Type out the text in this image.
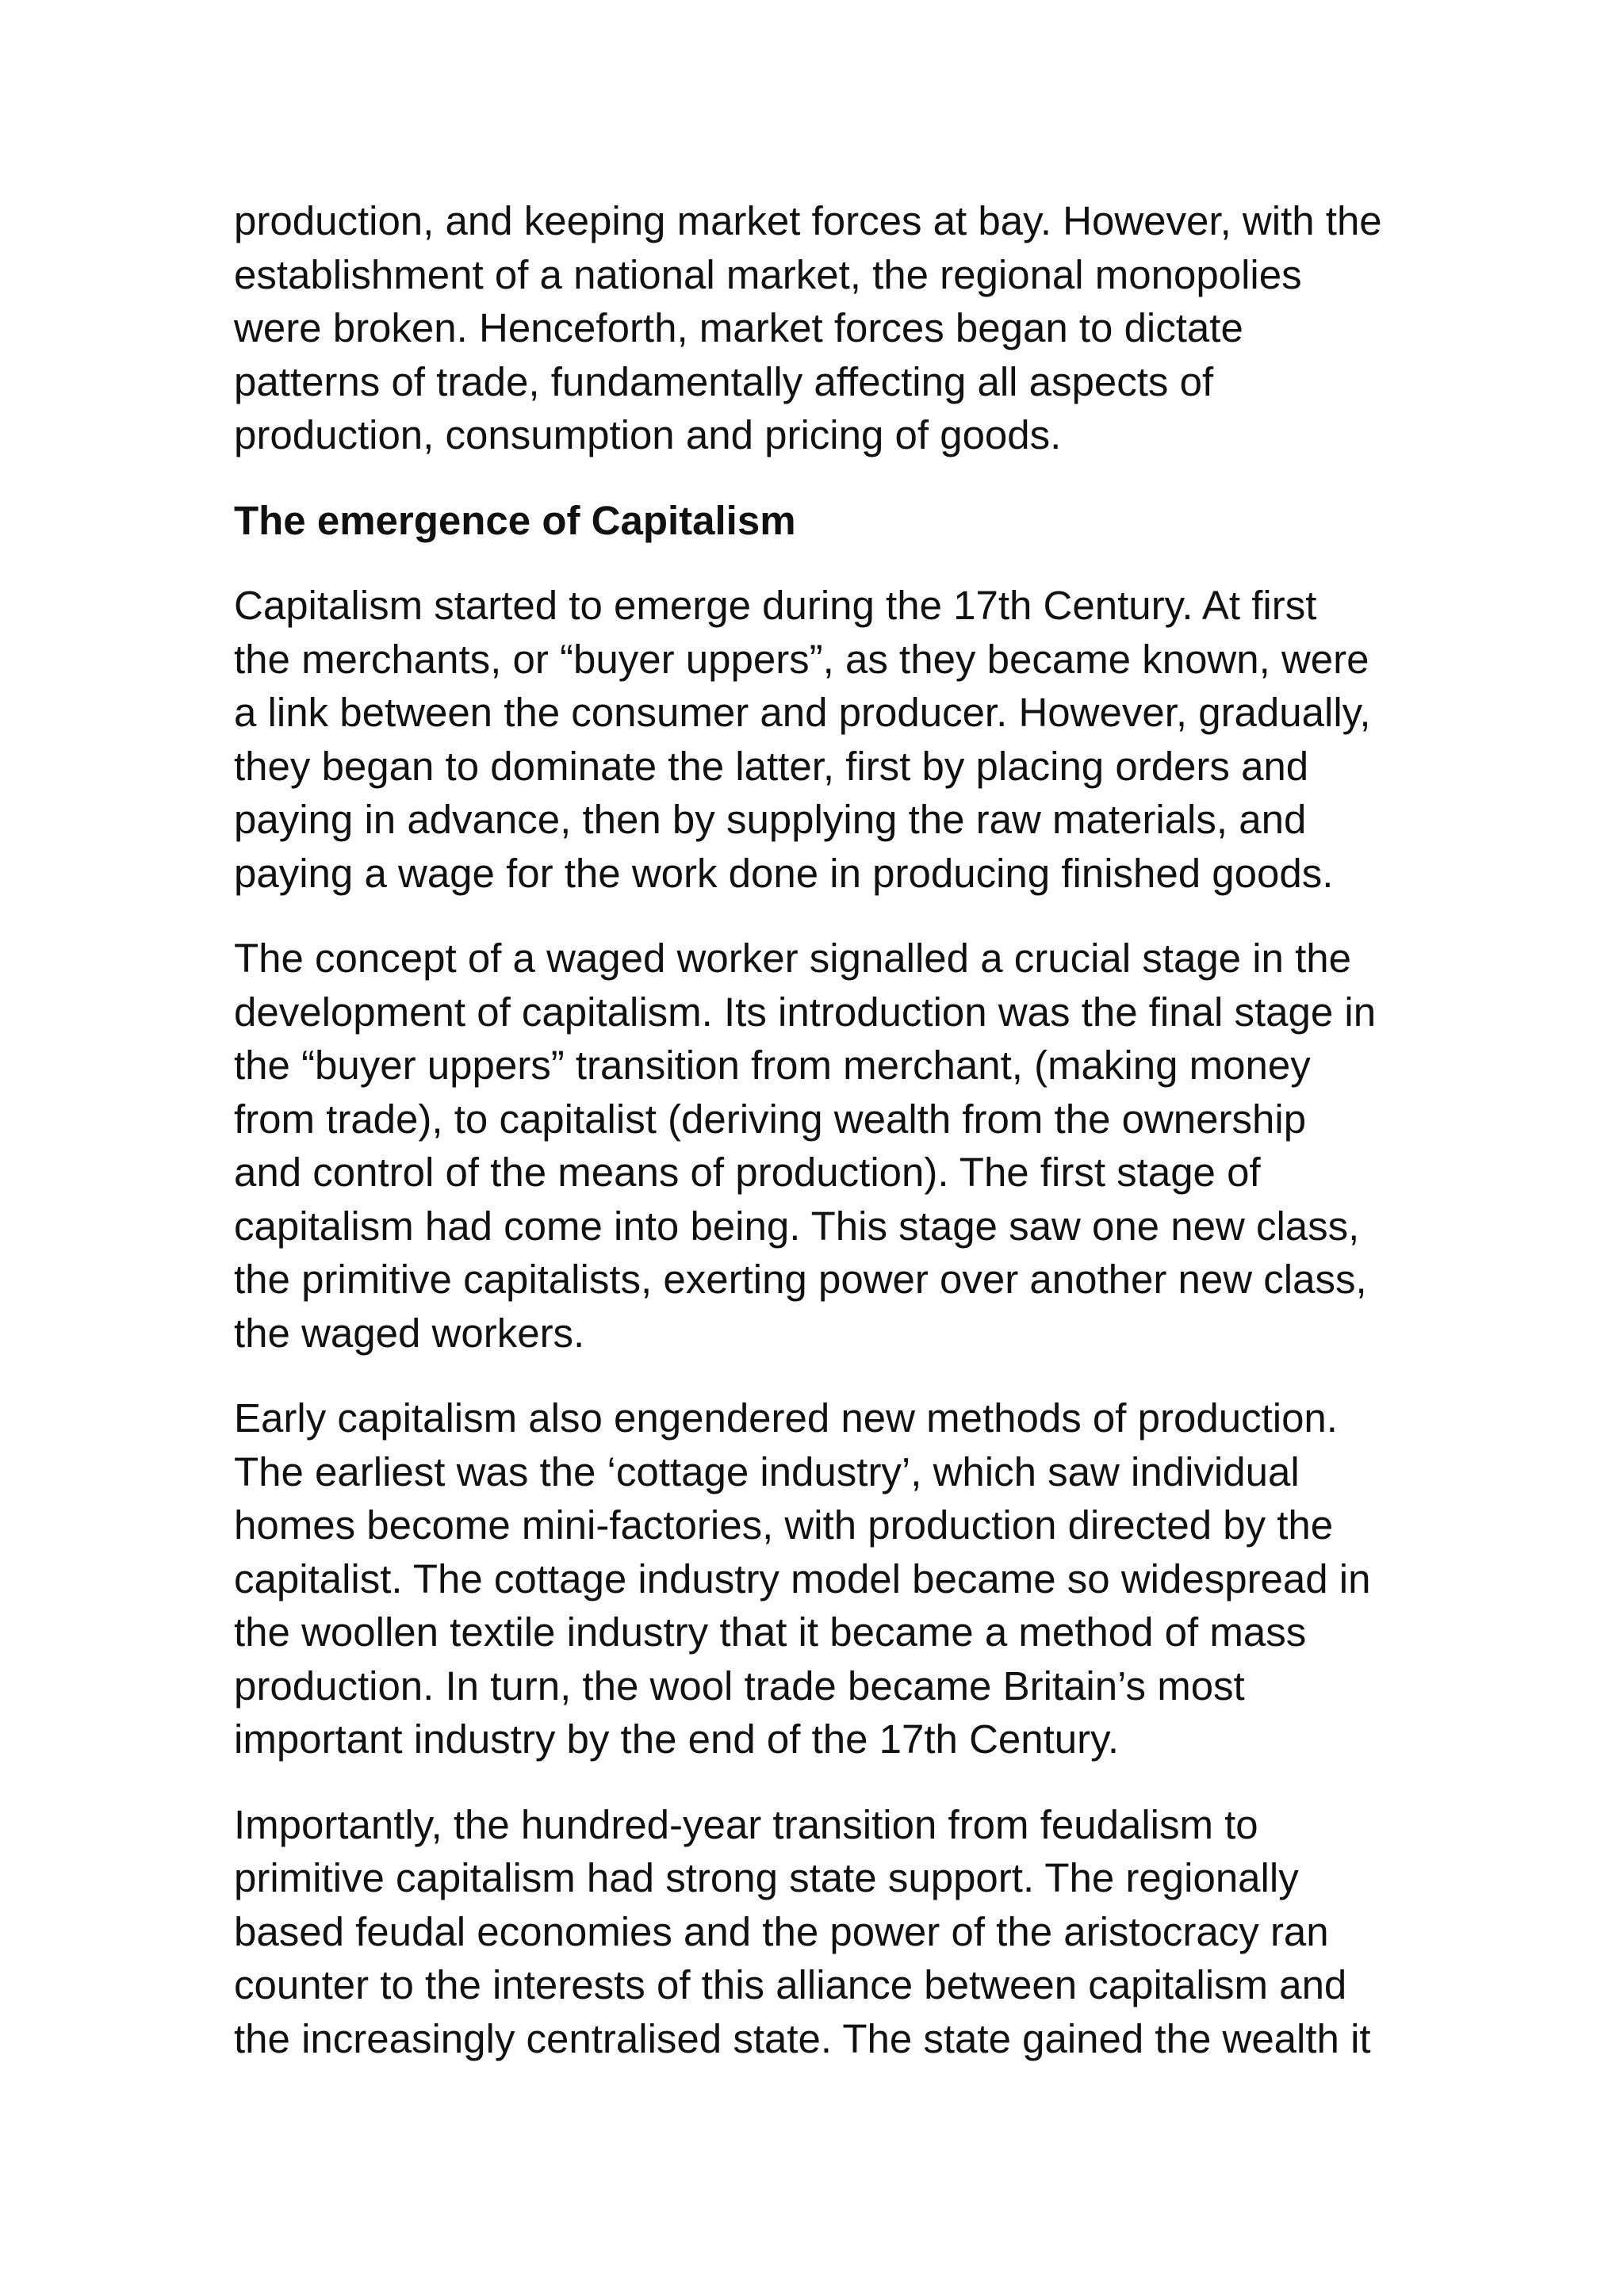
production, and keeping market forces at bay. However, with the
establishment of a national market, the regional monopolies
were broken. Henceforth, market forces began to dictate
patterns of trade, fundamentally affecting all aspects of
production, consumption and pricing of goods.

The emergence of Capitalism

Capitalism started to emerge during the 17th Century. At first
the merchants, or “buyer uppers”, as they became known, were
a link between the consumer and producer. However, gradually,
they began to dominate the latter, first by placing orders and
paying in advance, then by supplying the raw materials, and
paying a wage for the work done in producing finished goods.

The concept of a waged worker signalled a crucial stage in the
development of capitalism. Its introduction was the final stage in
the “buyer uppers” transition from merchant, (making money
from trade), to capitalist (deriving wealth from the ownership
and control of the means of production). The first stage of
capitalism had come into being. This stage saw one new class,
the primitive capitalists, exerting power over another new class,
the waged workers.

Early capitalism also engendered new methods of production.
The earliest was the ‘cottage industry’, which saw individual
homes become mini-factories, with production directed by the
capitalist. The cottage industry model became so widespread in
the woollen textile industry that it became a method of mass
production. In turn, the wool trade became Britain’s most
important industry by the end of the 17th Century.

Importantly, the hundred-year transition from feudalism to
primitive capitalism had strong state support. The regionally
based feudal economies and the power of the aristocracy ran
counter to the interests of this alliance between capitalism and
the increasingly centralised state. The state gained the wealth it
